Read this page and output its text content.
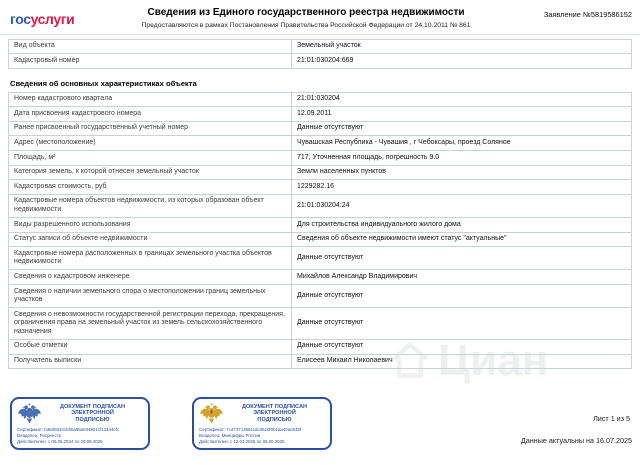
Циан
госуслуги	Сведения из Единого государственного реестра недвижимости
Предоставляются в рамках Постановления Правительства Российской Федерации от 24.10.2011 № 861
Заявление №5819586152
Вид объекта	Земельный участок
Кадастровый номер	21:01:030204:669
Сведения об основных характеристиках объекта
Номер кадастрового квартала	21:01:030204
Дата присвоения кадастрового номера	12.09.2011
Ранее присвоенный государственный учетный номер	Данные отсутствуют
Адрес (местоположение)	Чувашская Республика - Чувашия , г Чебоксары, проезд Соляное
Площадь, м²	717, Уточненная площадь, погрешность 9.0
Категория земель, к которой отнесен земельный участок	Земли населенных пунктов
Кадастровая стоимость, руб	1229282.16
Кадастровые номера объектов недвижимости, из которых образован объект недвижимости	21:01:030204:24
Виды разрешенного использования	Для строительства индивидуального жилого дома
Статус записи об объекте недвижимости	Сведения об объекте недвижимости имеют статус "актуальные"
Кадастровые номера расположенных в границах земельного участка объектов недвижимости	Данные отсутствуют
Сведения о кадастровом инженере	Михайлов Александр Владимирович
Сведения о наличии земельного спора о местоположении границ земельных участков	Данные отсутствуют
Сведения о невозможности государственной регистрации перехода, прекращения, ограничения права на земельный участок из земель сельскохозяйственного назначения	Данные отсутствуют
Особые отметки	Данные отсутствуют
Получатель выписки	Елисеев Михаил Николаевич
ДОКУМЕНТ ПОДПИСАН
ЭЛЕКТРОННОЙ
ПОДПИСЬЮ
Сертификат: b38d5834cb90a88a634901cf13444cfc
Владелец: Росреестр
Действителен: с 05.06.2024 по 29.08.2025
ДОКУМЕНТ ПОДПИСАН
ЭЛЕКТРОННОЙ
ПОДПИСЬЮ
Сертификат: 7c4737136811dcd520f0b1aa40ae645f
Владелец: Минцифры России
Действителен: с 12.03.2025 по 05.06.2026
Лист 1 из 5
Данные актуальны на 16.07.2025
